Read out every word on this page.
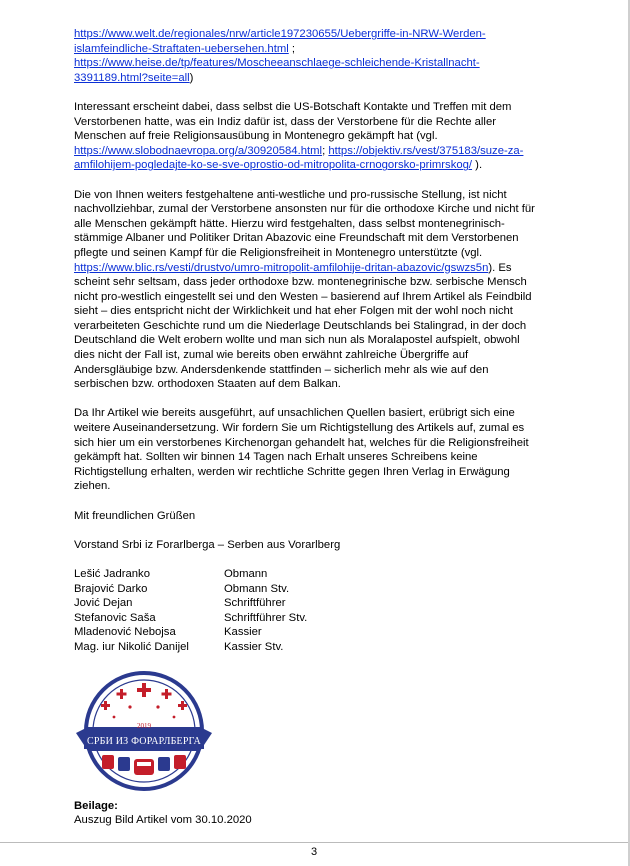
https://www.welt.de/regionales/nrw/article197230655/Uebergriffe-in-NRW-Werden-
islamfeindliche-Straftaten-uebersehen.html ;
https://www.heise.de/tp/features/Moscheeanschlaege-schleichende-Kristallnacht-
3391189.html?seite=all)

Interessant erscheint dabei, dass selbst die US-Botschaft Kontakte und Treffen mit dem
Verstorbenen hatte, was ein Indiz dafür ist, dass der Verstorbene für die Rechte aller
Menschen auf freie Religionsausübung in Montenegro gekämpft hat (vgl.
https://www.slobodnaevropa.org/a/30920584.html; https://objektiv.rs/vest/375183/suze-za-
amfilohijem-pogledajte-ko-se-sve-oprostio-od-mitropolita-crnogorsko-primrskog/ ).

Die von Ihnen weiters festgehaltene anti-westliche und pro-russische Stellung, ist nicht
nachvollziehbar, zumal der Verstorbene ansonsten nur für die orthodoxe Kirche und nicht für
alle Menschen gekämpft hätte. Hierzu wird festgehalten, dass selbst montenegrinisch-
stämmige Albaner und Politiker Dritan Abazovic eine Freundschaft mit dem Verstorbenen
pflegte und seinen Kampf für die Religionsfreiheit in Montenegro unterstützte (vgl.
https://www.blic.rs/vesti/drustvo/umro-mitropolit-amfilohije-dritan-abazovic/gswzs5n). Es
scheint sehr seltsam, dass jeder orthodoxe bzw. montenegrinische bzw. serbische Mensch
nicht pro-westlich eingestellt sei und den Westen – basierend auf Ihrem Artikel als Feindbild
sieht – dies entspricht nicht der Wirklichkeit und hat eher Folgen mit der wohl noch nicht
verarbeiteten Geschichte rund um die Niederlage Deutschlands bei Stalingrad, in der doch
Deutschland die Welt erobern wollte und man sich nun als Moralapostel aufspielt, obwohl
dies nicht der Fall ist, zumal wie bereits oben erwähnt zahlreiche Übergriffe auf
Andersgläubige bzw. Andersdenkende stattfinden – sicherlich mehr als wie auf den
serbischen bzw. orthodoxen Staaten auf dem Balkan.

Da Ihr Artikel wie bereits ausgeführt, auf unsachlichen Quellen basiert, erübrigt sich eine
weitere Auseinandersetzung. Wir fordern Sie um Richtigstellung des Artikels auf, zumal es
sich hier um ein verstorbenes Kirchenorgan gehandelt hat, welches für die Religionsfreiheit
gekämpft hat. Sollten wir binnen 14 Tagen nach Erhalt unseres Schreibens keine
Richtigstellung erhalten, werden wir rechtliche Schritte gegen Ihren Verlag in Erwägung
ziehen.

Mit freundlichen Grüßen

Vorstand Srbi iz Forarlberga – Serben aus Vorarlberg

Lešić Jadranko	Obmann
Brajović Darko	Obmann Stv.
Jović Dejan	Schriftführer
Stefanovic Saša	Schriftführer Stv.
Mladenović Nebojsa	Kassier
Mag. iur Nikolić Danijel	Kassier Stv.
2019
СРБИ ИЗ ФОРАРЛБЕРГА
SERBEN AUS VORARLBERG

Beilage:
Auszug Bild Artikel vom 30.10.2020

3
